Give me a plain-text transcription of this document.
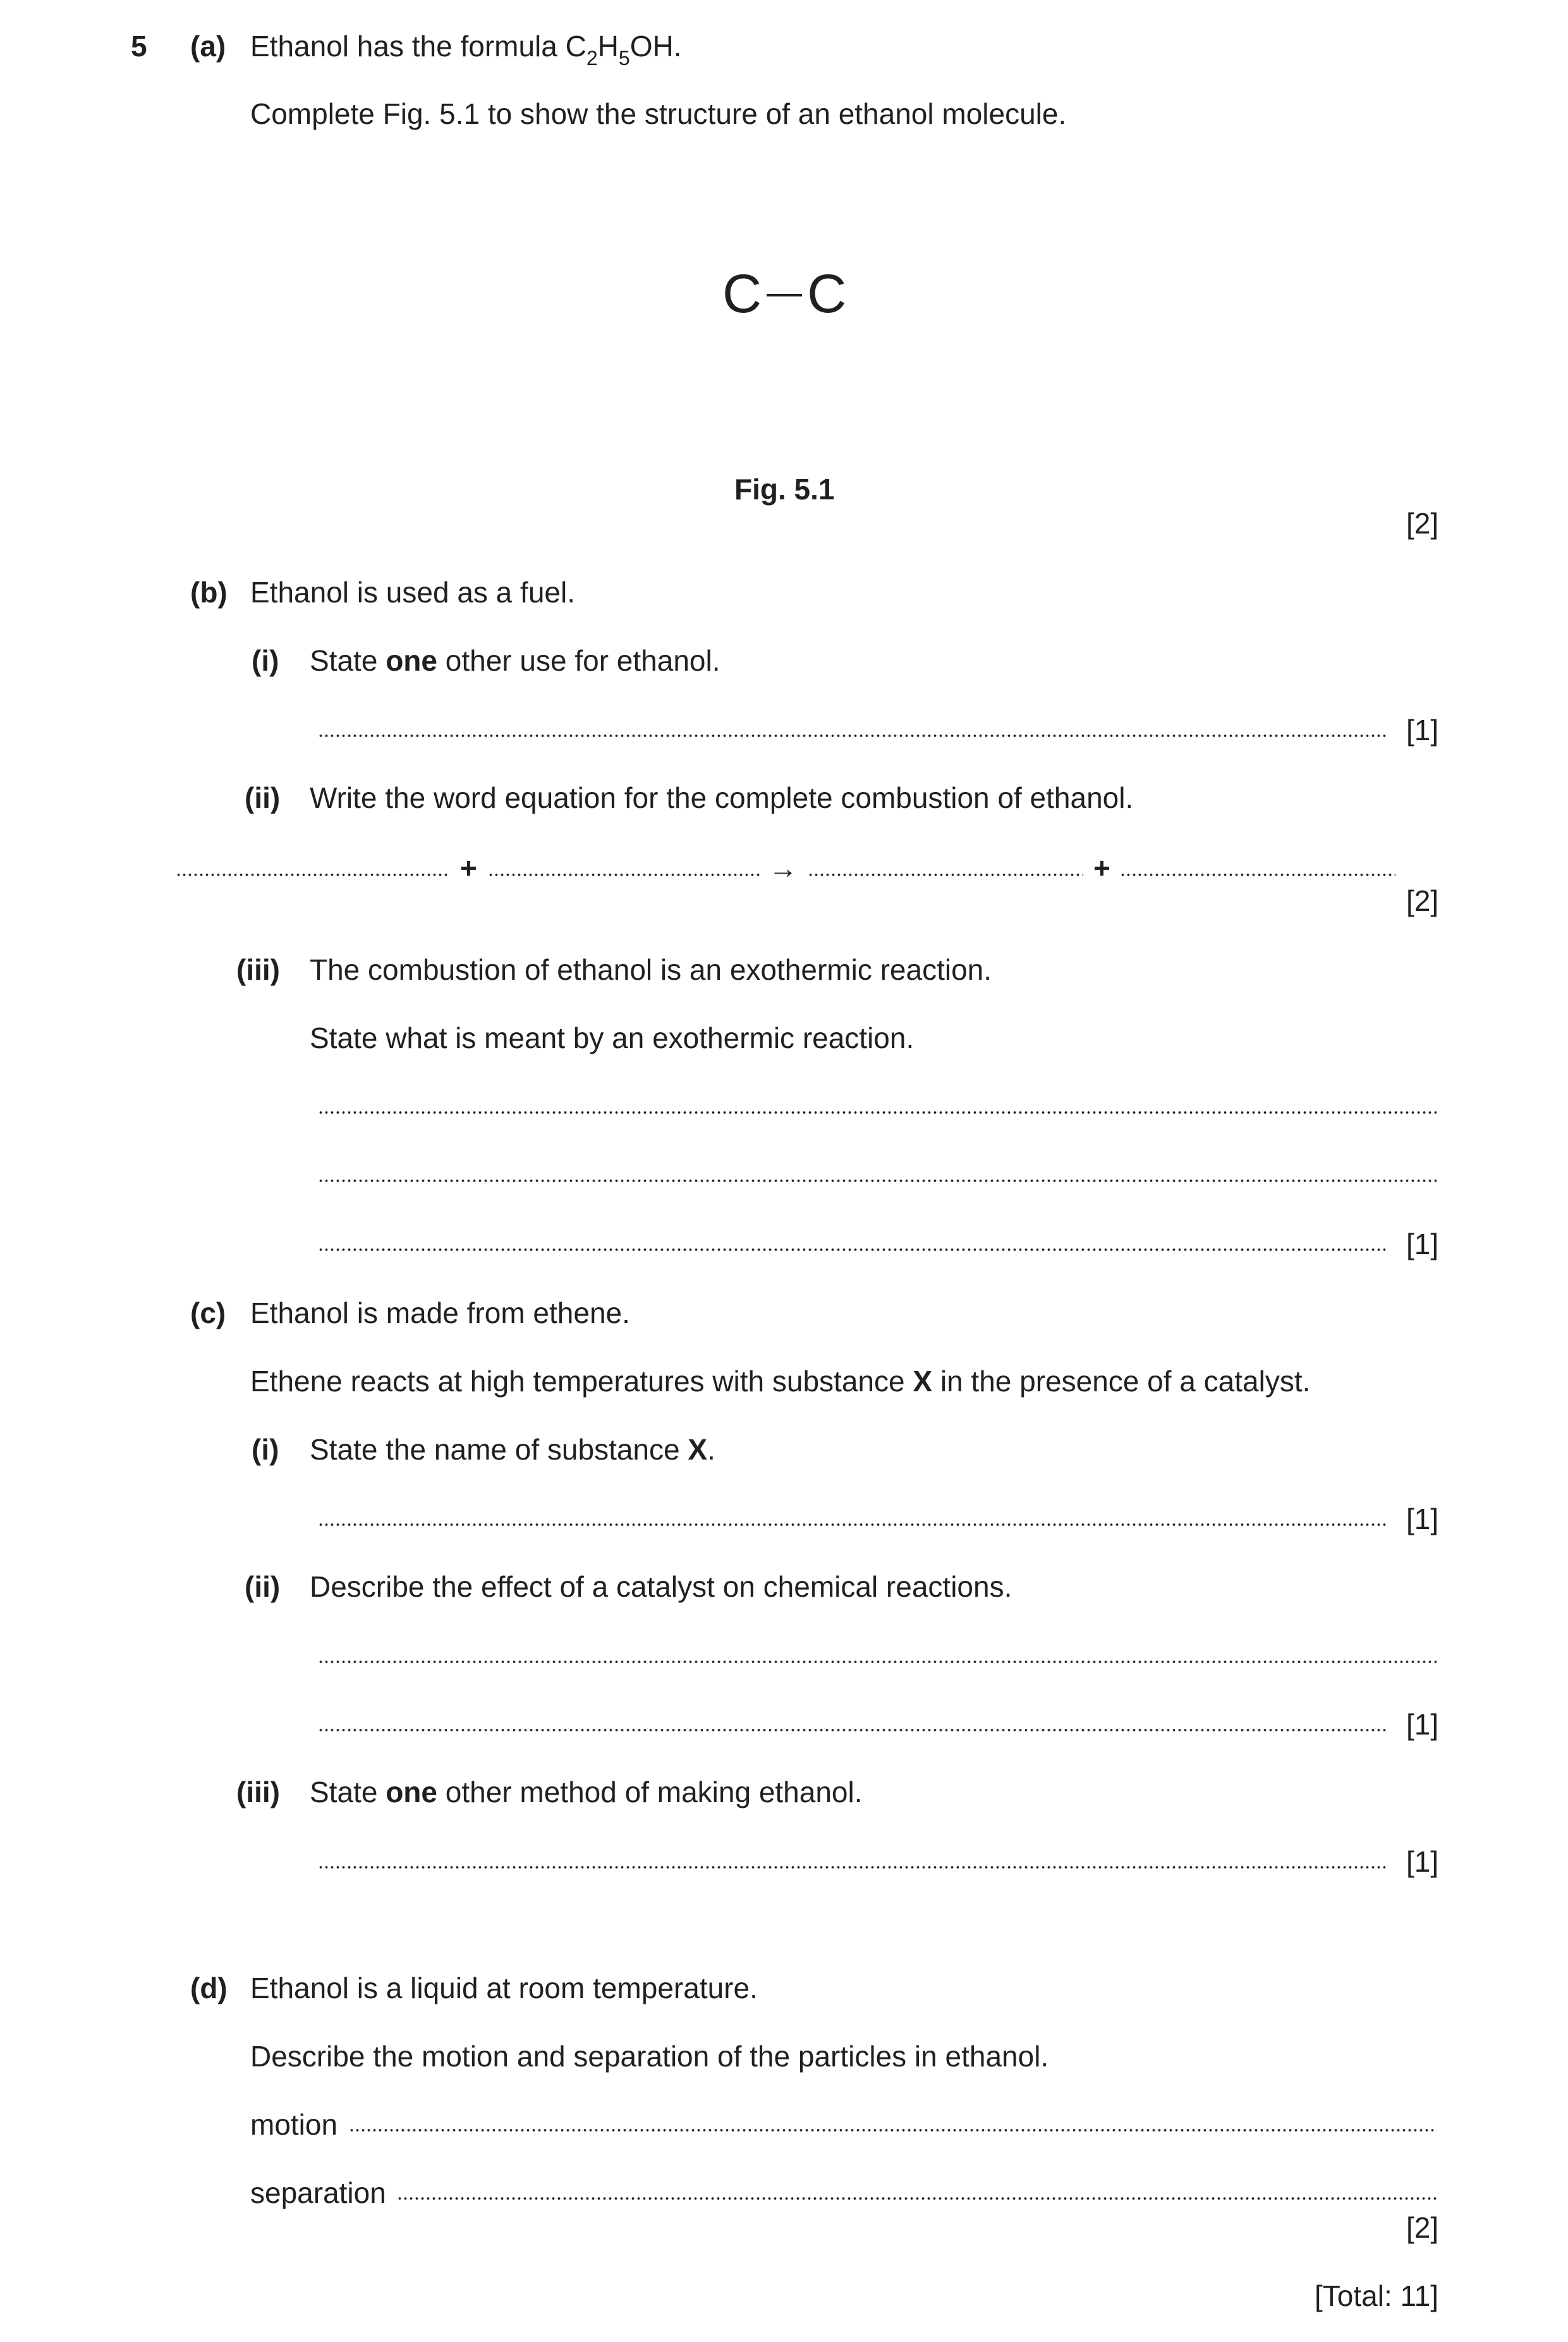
5 (a) Ethanol has the formula $C_2H_5OH$.
Complete Fig. 5.1 to show the structure of an ethanol molecule.
C C
Fig. 5.1
[2]
(b) Ethanol is used as a fuel.
(i) State one other use for ethanol.
[1]
(ii) Write the word equation for the complete combustion of ethanol.
+	→	+
[2]
(iii) The combustion of ethanol is an exothermic reaction.
State what is meant by an exothermic reaction.
[1]
(c) Ethanol is made from ethene.
Ethene reacts at high temperatures with substance X in the presence of a catalyst.
(i) State the name of substance X.
[1]
(ii) Describe the effect of a catalyst on chemical reactions.
[1]
(iii) State one other method of making ethanol.
[1]
(d) Ethanol is a liquid at room temperature.
Describe the motion and separation of the particles in ethanol.
motion
separation
[2]
[Total: 11]
